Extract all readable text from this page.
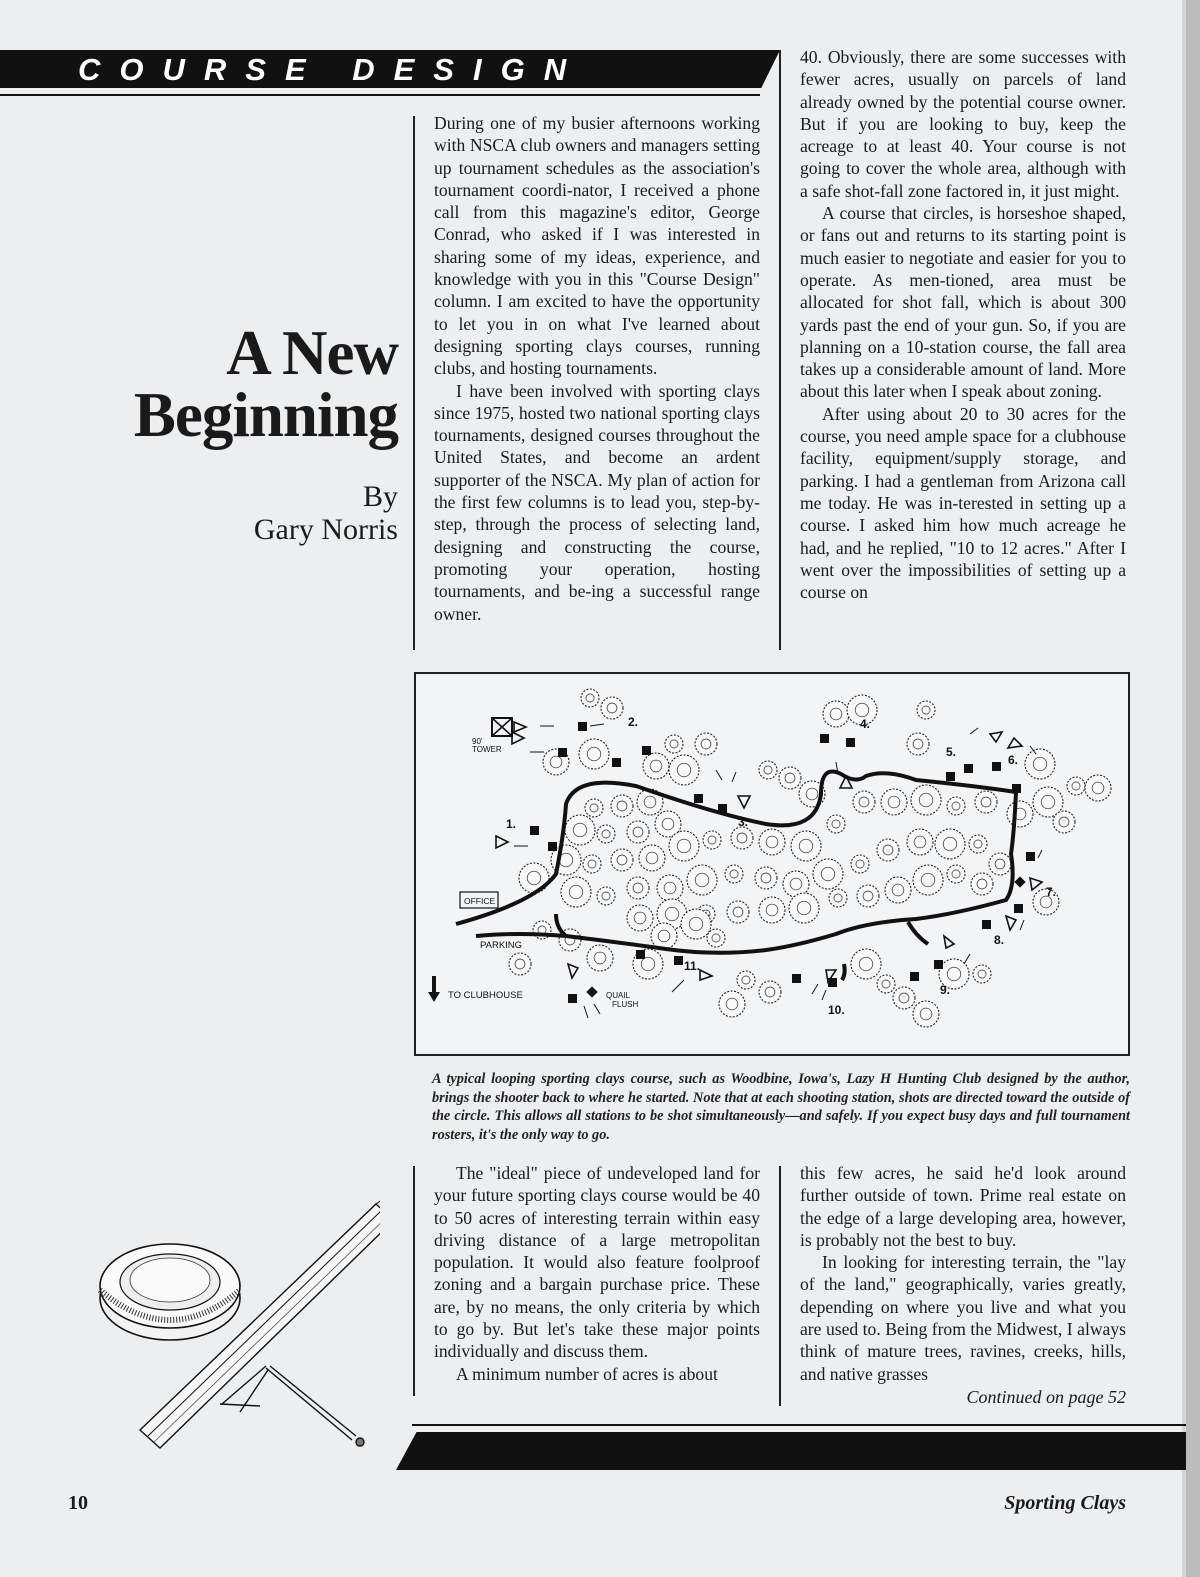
COURSE DESIGN
A New
Beginning
By
Gary Norris

During one of my busier afternoons working with NSCA club owners and managers setting up tournament schedules as the association's tournament coordi-nator, I received a phone call from this magazine's editor, George Conrad, who asked if I was interested in sharing some of my ideas, experience, and knowledge with you in this "Course Design" column. I am excited to have the opportunity to let you in on what I've learned about designing sporting clays courses, running clubs, and hosting tournaments.

I have been involved with sporting clays since 1975, hosted two national sporting clays tournaments, designed courses throughout the United States, and become an ardent supporter of the NSCA. My plan of action for the first few columns is to lead you, step-by-step, through the process of selecting land, designing and constructing the course, promoting your operation, hosting tournaments, and be-ing a successful range owner.

40. Obviously, there are some successes with fewer acres, usually on parcels of land already owned by the potential course owner. But if you are looking to buy, keep the acreage to at least 40. Your course is not going to cover the whole area, although with a safe shot-fall zone factored in, it just might.

A course that circles, is horseshoe shaped, or fans out and returns to its starting point is much easier to negotiate and easier for you to operate. As men-tioned, area must be allocated for shot fall, which is about 300 yards past the end of your gun. So, if you are planning on a 10-station course, the fall area takes up a considerable amount of land. More about this later when I speak about zoning.

After using about 20 to 30 acres for the course, you need ample space for a clubhouse facility, equipment/supply storage, and parking. I had a gentleman from Arizona call me today. He was in-terested in setting up a course. I asked him how much acreage he had, and he replied, "10 to 12 acres." After I went over the impossibilities of setting up a course on

90'
TOWER
OFFICE
PARKING
TO CLUBHOUSE	QUAIL
FLUSH
1.
2.
3.
4.
5.
6.
7.
8.
9.
10.
11.
A typical looping sporting clays course, such as Woodbine, Iowa's, Lazy H Hunting Club designed by the author, brings the shooter back to where he started. Note that at each shooting station, shots are directed toward the outside of the circle. This allows all stations to be shot simultaneously—and safely. If you expect busy days and full tournament rosters, it's the only way to go.

The "ideal" piece of undeveloped land for your future sporting clays course would be 40 to 50 acres of interesting terrain within easy driving distance of a large metropolitan population. It would also feature foolproof zoning and a bargain purchase price. These are, by no means, the only criteria by which to go by. But let's take these major points individually and discuss them.

A minimum number of acres is about

this few acres, he said he'd look around further outside of town. Prime real estate on the edge of a large developing area, however, is probably not the best to buy.

In looking for interesting terrain, the "lay of the land," geographically, varies greatly, depending on where you live and what you are used to. Being from the Midwest, I always think of mature trees, ravines, creeks, hills, and native grasses

Continued on page 52
10	Sporting Clays
